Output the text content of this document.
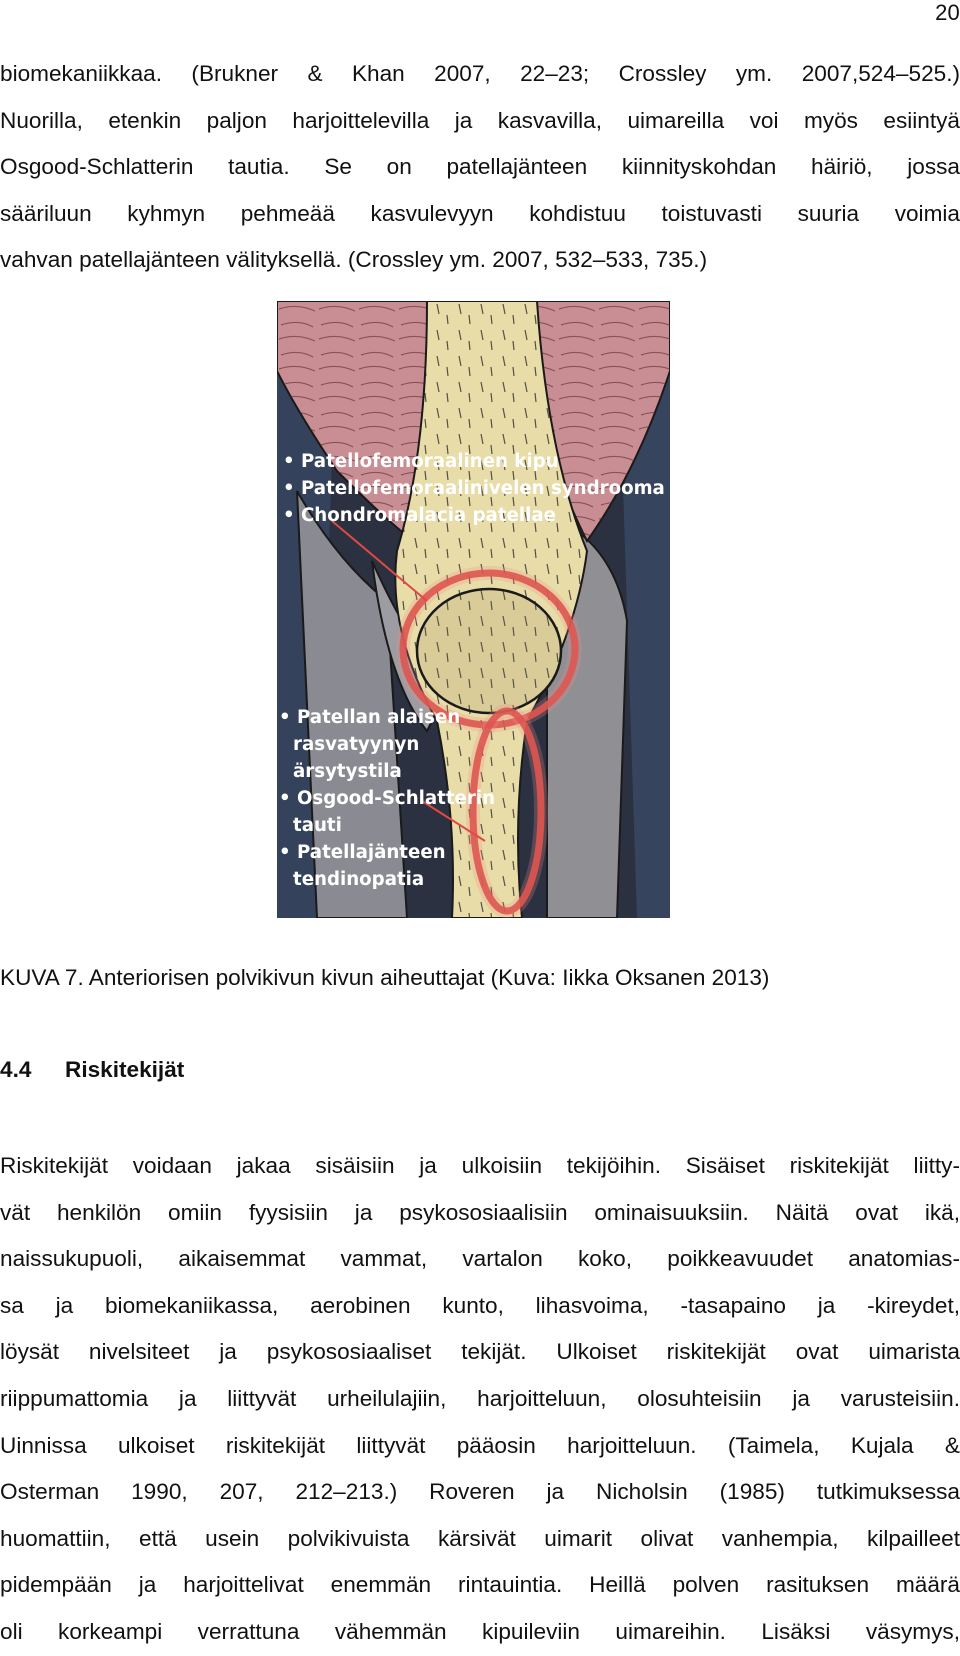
20
biomekaniikkaa. (Brukner & Khan 2007, 22–23; Crossley ym. 2007,524–525.)
Nuorilla, etenkin paljon harjoittelevilla ja kasvavilla, uimareilla voi myös esiintyä
Osgood-Schlatterin tautia. Se on patellajänteen kiinnityskohdan häiriö, jossa
sääriluun kyhmyn pehmeää kasvulevyyn kohdistuu toistuvasti suuria voimia
vahvan patellajänteen välityksellä. (Crossley ym. 2007, 532–533, 735.)
• Patellofemoraalinen kipu
• Patellofemoraalinivelen syndrooma
• Chondromalacia patellae
• Patellan alaisen
rasvatyynyn
ärsytystila
• Osgood-Schlatterin
tauti
• Patellajänteen
tendinopatia
KUVA 7. Anteriorisen polvikivun kivun aiheuttajat (Kuva: Iikka Oksanen 2013)
4.4 Riskitekijät
Riskitekijät voidaan jakaa sisäisiin ja ulkoisiin tekijöihin. Sisäiset riskitekijät liitty-
vät henkilön omiin fyysisiin ja psykososiaalisiin ominaisuuksiin. Näitä ovat ikä,
naissukupuoli, aikaisemmat vammat, vartalon koko, poikkeavuudet anatomias-
sa ja biomekaniikassa, aerobinen kunto, lihasvoima, -tasapaino ja -kireydet,
löysät nivelsiteet ja psykososiaaliset tekijät. Ulkoiset riskitekijät ovat uimarista
riippumattomia ja liittyvät urheilulajiin, harjoitteluun, olosuhteisiin ja varusteisiin.
Uinnissa ulkoiset riskitekijät liittyvät pääosin harjoitteluun. (Taimela, Kujala &
Osterman 1990, 207, 212–213.) Roveren ja Nicholsin (1985) tutkimuksessa
huomattiin, että usein polvikivuista kärsivät uimarit olivat vanhempia, kilpailleet
pidempään ja harjoittelivat enemmän rintauintia. Heillä polven rasituksen määrä
oli korkeampi verrattuna vähemmän kipuileviin uimareihin. Lisäksi väsymys,
